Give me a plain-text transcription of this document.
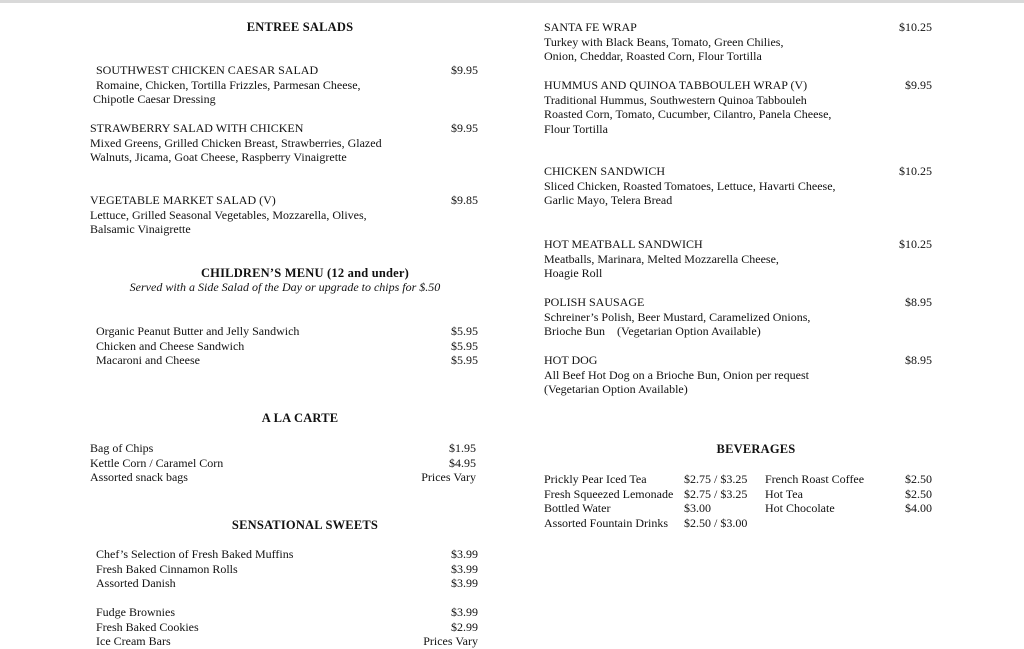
ENTREE SALADS
SOUTHWEST CHICKEN CAESAR SALAD
Romaine, Chicken, Tortilla Frizzles, Parmesan Cheese,
Chipotle Caesar Dressing
$9.95
STRAWBERRY SALAD WITH CHICKEN
Mixed Greens, Grilled Chicken Breast, Strawberries, Glazed
Walnuts, Jicama, Goat Cheese, Raspberry Vinaigrette
$9.95
VEGETABLE MARKET SALAD (V)
Lettuce, Grilled Seasonal Vegetables, Mozzarella, Olives,
Balsamic Vinaigrette
$9.85
CHILDREN’S MENU (12 and under)
Served with a Side Salad of the Day or upgrade to chips for $.50
Organic Peanut Butter and Jelly Sandwich
Chicken and Cheese Sandwich
Macaroni and Cheese
$5.95
$5.95
$5.95
A LA CARTE
Bag of Chips
Kettle Corn / Caramel Corn
Assorted snack bags
$1.95
$4.95
Prices Vary
SENSATIONAL SWEETS
Chef’s Selection of Fresh Baked Muffins
Fresh Baked Cinnamon Rolls
Assorted Danish
$3.99
$3.99
$3.99
Fudge Brownies
Fresh Baked Cookies
Ice Cream Bars
$3.99
$2.99
Prices Vary
SANTA FE WRAP
Turkey with Black Beans, Tomato, Green Chilies,
Onion, Cheddar, Roasted Corn, Flour Tortilla
$10.25
HUMMUS AND QUINOA TABBOULEH WRAP (V)
Traditional Hummus, Southwestern Quinoa Tabbouleh
Roasted Corn, Tomato, Cucumber, Cilantro, Panela Cheese,
Flour Tortilla
$9.95
CHICKEN SANDWICH
Sliced Chicken, Roasted Tomatoes, Lettuce, Havarti Cheese,
Garlic Mayo, Telera Bread
$10.25
HOT MEATBALL SANDWICH
Meatballs, Marinara, Melted Mozzarella Cheese,
Hoagie Roll
$10.25
POLISH SAUSAGE
Schreiner’s Polish, Beer Mustard, Caramelized Onions,
Brioche Bun    (Vegetarian Option Available)
$8.95
HOT DOG
All Beef Hot Dog on a Brioche Bun, Onion per request
(Vegetarian Option Available)
$8.95
BEVERAGES
Prickly Pear Iced Tea
Fresh Squeezed Lemonade
Bottled Water
Assorted Fountain Drinks
$2.75 / $3.25
$2.75 / $3.25
$3.00
$2.50 / $3.00
French Roast Coffee
Hot Tea
Hot Chocolate
$2.50
$2.50
$4.00
